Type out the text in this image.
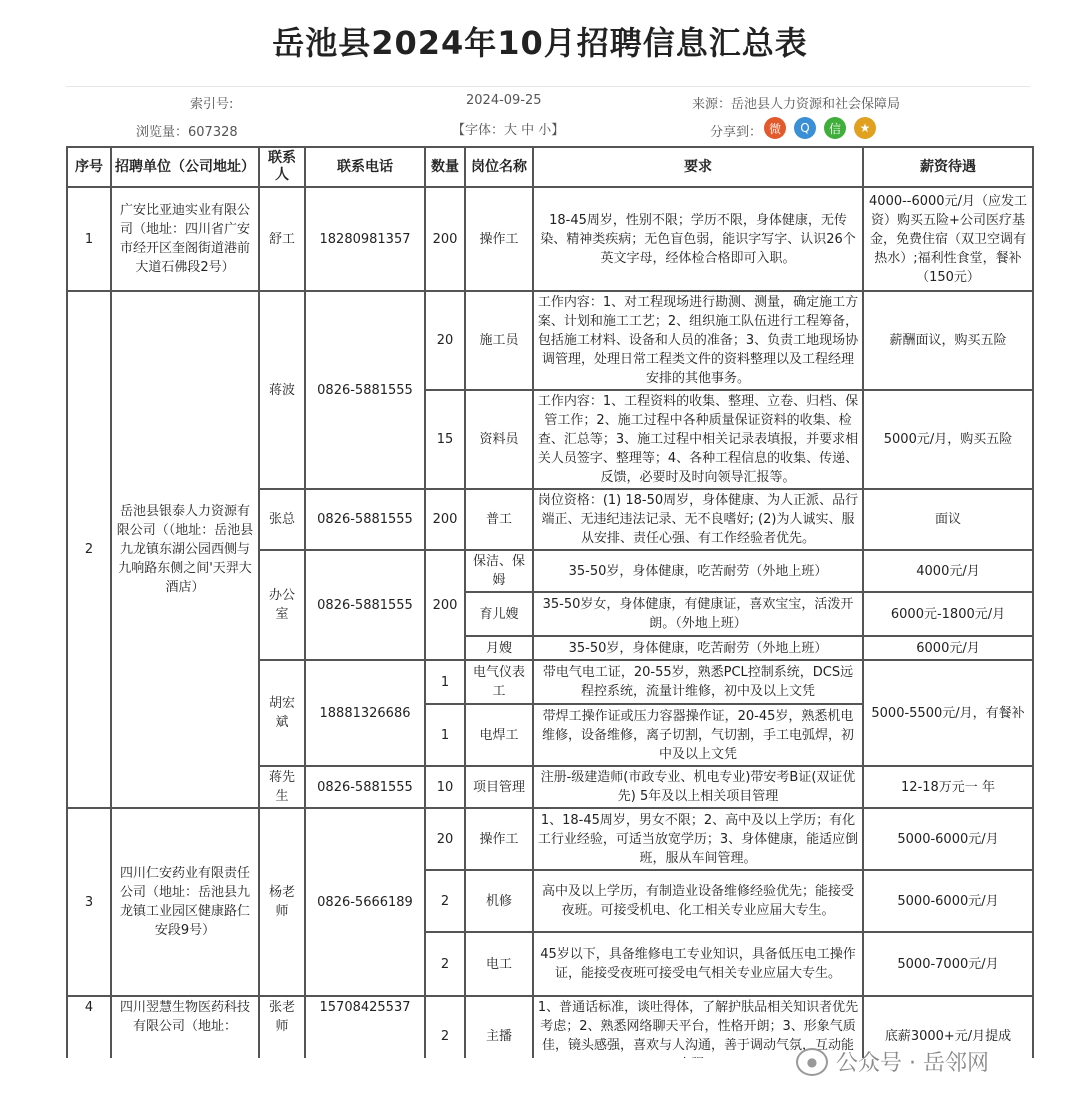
岳池县2024年10月招聘信息汇总表
索引号:	2024-09-25	来源：岳池县人力资源和社会保障局
浏览量：607328	【字体：大 中 小】	分享到： 微	Q	信	★
序号	招聘单位（公司地址）	联系人	联系电话	数量	岗位名称	要求	薪资待遇
1	广安比亚迪实业有限公司（地址：四川省广安市经开区奎阁街道港前大道石佛段2号）	舒工	18280981357	200	操作工	18-45周岁，性别不限；学历不限，身体健康，无传染、精神类疾病；无色盲色弱，能识字写字、认识26个英文字母，经体检合格即可入职。	4000--6000元/月（应发工资）购买五险+公司医疗基金，免费住宿（双卫空调有热水）;福利性食堂，餐补（150元）
2	岳池县银泰人力资源有限公司（（地址：岳池县九龙镇东湖公园西侧与九响路东侧之间'天羿大酒店）	蒋波	0826-5881555	20	施工员	工作内容：1、对工程现场进行勘测、测量，确定施工方案、计划和施工工艺；2、组织施工队伍进行工程筹备，包括施工材料、设备和人员的准备；3、负责工地现场协调管理，处理日常工程类文件的资料整理以及工程经理安排的其他事务。	薪酬面议，购买五险
				15	资料员	工作内容：1、工程资料的收集、整理、立卷、归档、保管工作；2、施工过程中各种质量保证资料的收集、检查、汇总等；3、施工过程中相关记录表填报，并要求相关人员签字、整理等；4、各种工程信息的收集、传递、反馈，必要时及时向领导汇报等。	5000元/月，购买五险
		张总	0826-5881555	200	普工	岗位资格：(1) 18-50周岁，身体健康、为人正派、品行端正、无违纪违法记录、无不良嗜好; (2)为人诚实、服从安排、责任心强、有工作经验者优先。	面议
		办公室	0826-5881555	200	保洁、保姆	35-50岁，身体健康，吃苦耐劳（外地上班）	4000元/月
					育儿嫂	35-50岁女，身体健康，有健康证，喜欢宝宝，活泼开朗。（外地上班）	6000元-1800元/月
					月嫂	35-50岁，身体健康，吃苦耐劳（外地上班）	6000元/月
		胡宏斌	18881326686	1	电气仪表工	带电气电工证，20-55岁，熟悉PCL控制系统，DCS远程控系统，流量计维修，初中及以上文凭	5000-5500元/月，有餐补
				1	电焊工	带焊工操作证或压力容器操作证，20-45岁，熟悉机电维修，设备维修，离子切割，气切割，手工电弧焊，初中及以上文凭	
		蒋先生	0826-5881555	10	项目管理	注册-级建造师(市政专业、机电专业)带安考B证(双证优先) 5年及以上相关项目管理	12-18万元一 年
3	四川仁安药业有限责任公司（地址：岳池县九龙镇工业园区健康路仁安段9号）	杨老师	0826-5666189	20	操作工	1、18-45周岁，男女不限；2、高中及以上学历；有化工行业经验，可适当放宽学历；3、身体健康，能适应倒班，服从车间管理。	5000-6000元/月
				2	机修	高中及以上学历，有制造业设备维修经验优先；能接受夜班。可接受机电、化工相关专业应届大专生。	5000-6000元/月
				2	电工	45岁以下，具备维修电工专业知识，具备低压电工操作证，能接受夜班可接受电气相关专业应届大专生。	5000-7000元/月
4	四川翌慧生物医药科技有限公司（地址：	张老师	15708425537	2	主播	1、普通话标准，谈吐得体，了解护肤品相关知识者优先考虑；2、熟悉网络聊天平台，性格开朗；3、形象气质佳，镜头感强，喜欢与人沟通，善于调动气氛，互动能	底薪3000+元/月提成
● 公众号 · 岳邻网
